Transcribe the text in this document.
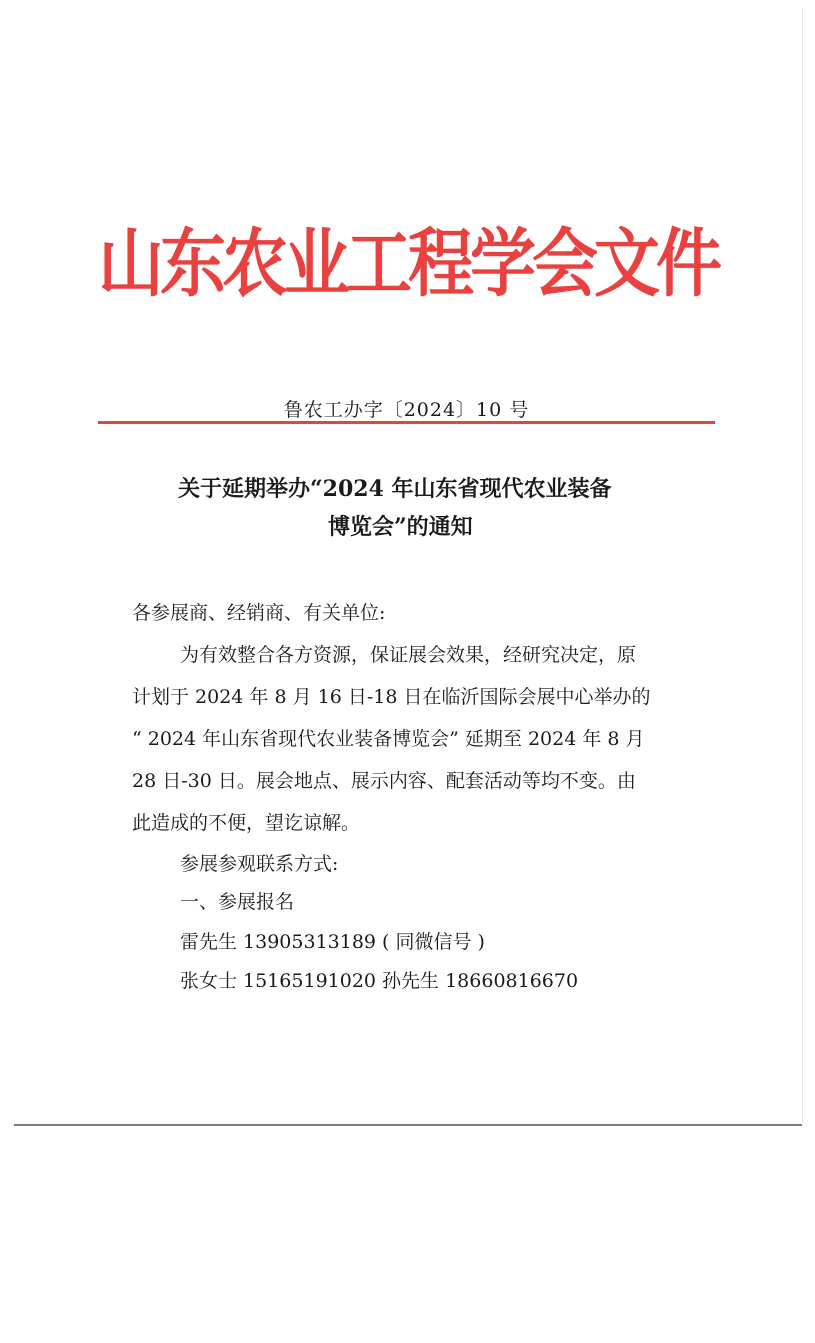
山东农业工程学会文件
鲁农工办字〔2024〕10 号
关于延期举办“2024 年山东省现代农业装备
博览会”的通知
各参展商、经销商、有关单位:
为有效整合各方资源，保证展会效果，经研究决定，原
计划于 2024 年 8 月 16 日-18 日在临沂国际会展中心举办的
“ 2024 年山东省现代农业装备博览会” 延期至 2024 年 8 月
28 日-30 日。展会地点、展示内容、配套活动等均不变。由
此造成的不便，望讫谅解。
参展参观联系方式:
一、参展报名
雷先生 13905313189 ( 同微信号 )
张女士 15165191020 孙先生 18660816670
